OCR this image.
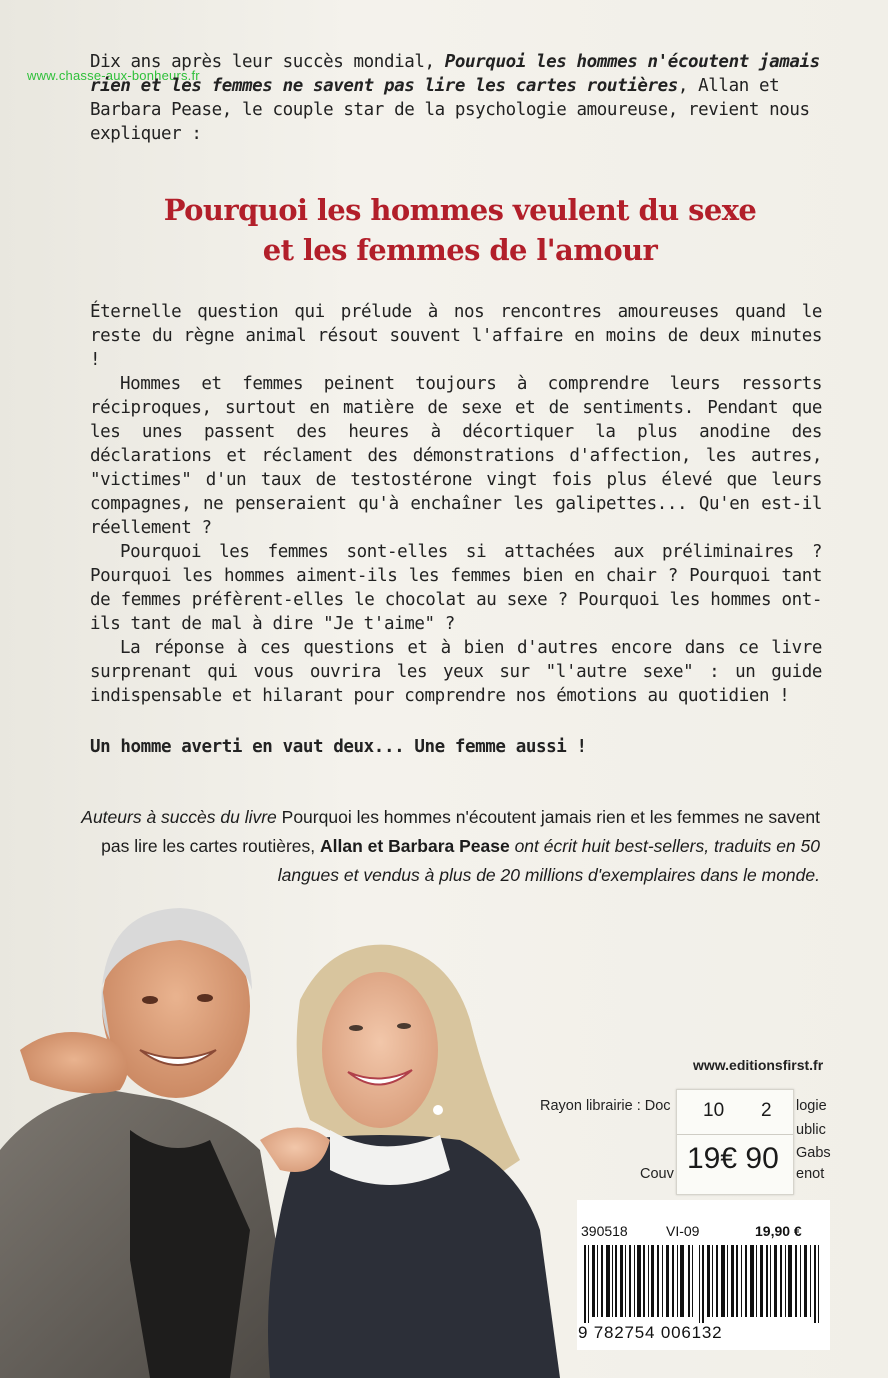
www.chasse-aux-bonheurs.fr
Dix ans après leur succès mondial, Pourquoi les hommes n'écoutent jamais rien et les femmes ne savent pas lire les cartes routières, Allan et Barbara Pease, le couple star de la psychologie amoureuse, revient nous expliquer :
Pourquoi les hommes veulent du sexe
et les femmes de l'amour

Éternelle question qui prélude à nos rencontres amoureuses quand le reste du règne animal résout souvent l'affaire en moins de deux minutes !

Hommes et femmes peinent toujours à comprendre leurs ressorts réciproques, surtout en matière de sexe et de sentiments. Pendant que les unes passent des heures à décortiquer la plus anodine des déclarations et réclament des démonstrations d'affection, les autres, "victimes" d'un taux de testostérone vingt fois plus élevé que leurs compagnes, ne penseraient qu'à enchaîner les galipettes... Qu'en est-il réellement ?

Pourquoi les femmes sont-elles si attachées aux préliminaires ? Pourquoi les hommes aiment-ils les femmes bien en chair ? Pourquoi tant de femmes préfèrent-elles le chocolat au sexe ? Pourquoi les hommes ont-ils tant de mal à dire "Je t'aime" ?

La réponse à ces questions et à bien d'autres encore dans ce livre surprenant qui vous ouvrira les yeux sur "l'autre sexe" : un guide indispensable et hilarant pour comprendre nos émotions au quotidien !

Un homme averti en vaut deux... Une femme aussi !
Auteurs à succès du livre Pourquoi les hommes n'écoutent jamais rien et les femmes ne savent pas lire les cartes routières, Allan et Barbara Pease ont écrit huit best-sellers, traduits en 50 langues et vendus à plus de 20 millions d'exemplaires dans le monde.
www.editionsfirst.fr
Rayon librairie : Doc	logie
ublic
Gabs
enot
Couv
10 2
19€ 90
390518	VI-09	19,90 €
9 782754 006132
